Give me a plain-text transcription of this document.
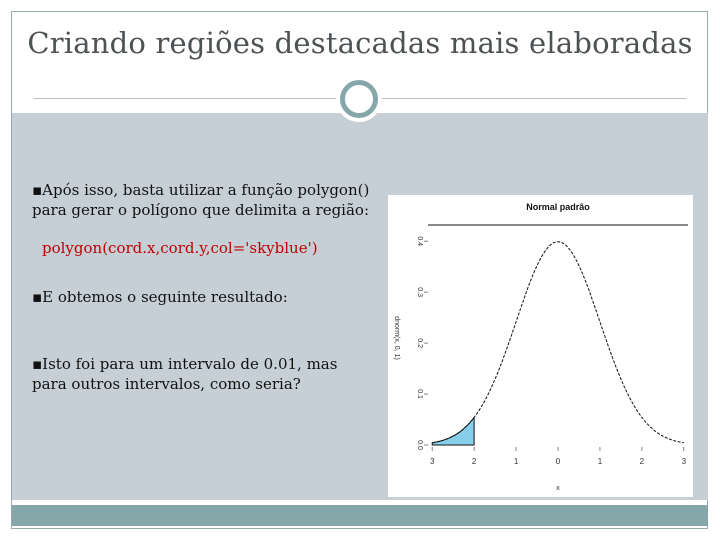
Criando regiões destacadas mais elaboradas
▪Após isso, basta utilizar a função polygon() para gerar o polígono que delimita a região:
polygon(cord.x,cord.y,col='skyblue')
▪E obtemos o seguinte resultado:
▪Isto foi para um intervalo de 0.01, mas para outros intervalos, como seria?
Normal padrão
3	2	1	0	1	2	3
x
0.0
0.1
0.2
0.3
0.4
dnorm(x, 0, 1)
